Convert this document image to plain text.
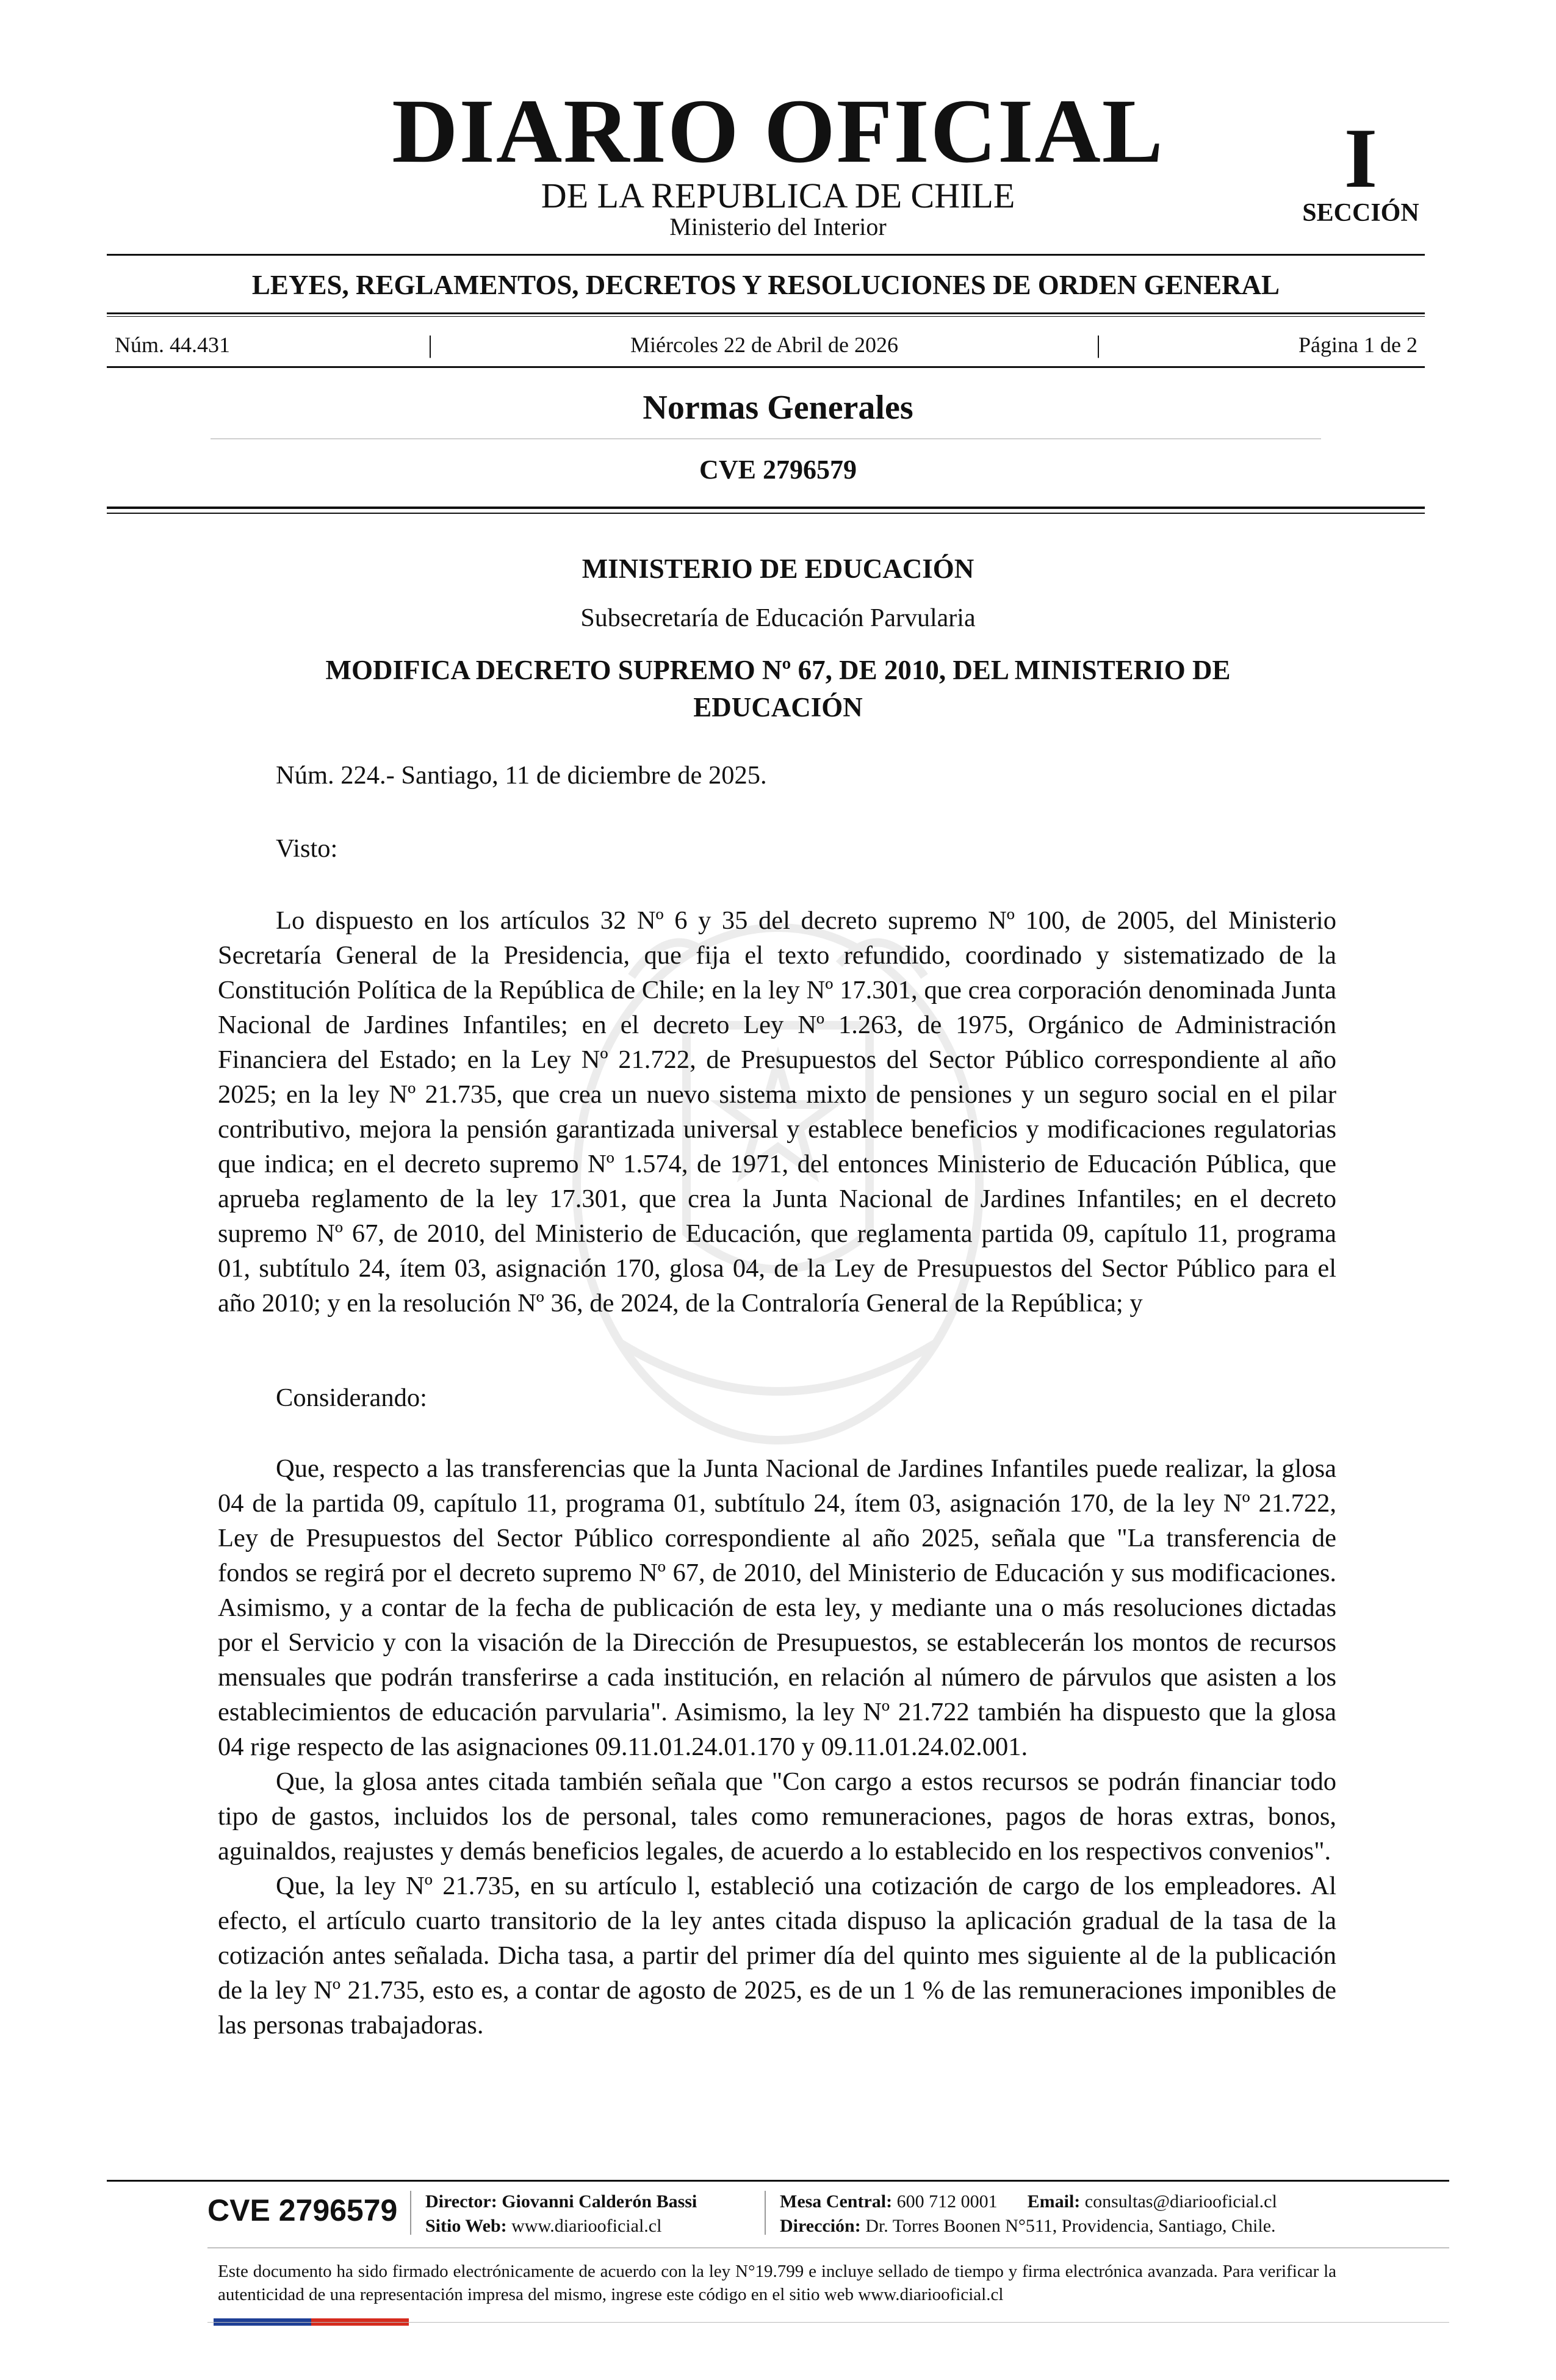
DIARIO OFICIAL
DE LA REPUBLICA DE CHILE
Ministerio del Interior
I
SECCIÓN
LEYES, REGLAMENTOS, DECRETOS Y RESOLUCIONES DE ORDEN GENERAL
Núm. 44.431	|	Miércoles 22 de Abril de 2026	|	Página 1 de 2
Normas Generales
CVE 2796579
MINISTERIO DE EDUCACIÓN
Subsecretaría de Educación Parvularia
MODIFICA DECRETO SUPREMO Nº 67, DE 2010, DEL MINISTERIO DE EDUCACIÓN
Núm. 224.- Santiago, 11 de diciembre de 2025.
Visto:

Lo dispuesto en los artículos 32 Nº 6 y 35 del decreto supremo Nº 100, de 2005, del Ministerio Secretaría General de la Presidencia, que fija el texto refundido, coordinado y sistematizado de la Constitución Política de la República de Chile; en la ley Nº 17.301, que crea corporación denominada Junta Nacional de Jardines Infantiles; en el decreto Ley Nº 1.263, de 1975, Orgánico de Administración Financiera del Estado; en la Ley Nº 21.722, de Presupuestos del Sector Público correspondiente al año 2025; en la ley Nº 21.735, que crea un nuevo sistema mixto de pensiones y un seguro social en el pilar contributivo, mejora la pensión garantizada universal y establece beneficios y modificaciones regulatorias que indica; en el decreto supremo Nº 1.574, de 1971, del entonces Ministerio de Educación Pública, que aprueba reglamento de la ley 17.301, que crea la Junta Nacional de Jardines Infantiles; en el decreto supremo Nº 67, de 2010, del Ministerio de Educación, que reglamenta partida 09, capítulo 11, programa 01, subtítulo 24, ítem 03, asignación 170, glosa 04, de la Ley de Presupuestos del Sector Público para el año 2010; y en la resolución Nº 36, de 2024, de la Contraloría General de la República; y

Considerando:

Que, respecto a las transferencias que la Junta Nacional de Jardines Infantiles puede realizar, la glosa 04 de la partida 09, capítulo 11, programa 01, subtítulo 24, ítem 03, asignación 170, de la ley Nº 21.722, Ley de Presupuestos del Sector Público correspondiente al año 2025, señala que "La transferencia de fondos se regirá por el decreto supremo Nº 67, de 2010, del Ministerio de Educación y sus modificaciones. Asimismo, y a contar de la fecha de publicación de esta ley, y mediante una o más resoluciones dictadas por el Servicio y con la visación de la Dirección de Presupuestos, se establecerán los montos de recursos mensuales que podrán transferirse a cada institución, en relación al número de párvulos que asisten a los establecimientos de educación parvularia". Asimismo, la ley Nº 21.722 también ha dispuesto que la glosa 04 rige respecto de las asignaciones 09.11.01.24.01.170 y 09.11.01.24.02.001.

Que, la glosa antes citada también señala que "Con cargo a estos recursos se podrán financiar todo tipo de gastos, incluidos los de personal, tales como remuneraciones, pagos de horas extras, bonos, aguinaldos, reajustes y demás beneficios legales, de acuerdo a lo establecido en los respectivos convenios".

Que, la ley Nº 21.735, en su artículo l, estableció una cotización de cargo de los empleadores. Al efecto, el artículo cuarto transitorio de la ley antes citada dispuso la aplicación gradual de la tasa de la cotización antes señalada. Dicha tasa, a partir del primer día del quinto mes siguiente al de la publicación de la ley Nº 21.735, esto es, a contar de agosto de 2025, es de un 1 % de las remuneraciones imponibles de las personas trabajadoras.

CVE 2796579 Director: Giovanni Calderón Bassi
Sitio Web: www.diariooficial.cl
Mesa Central: 600 712 0001 Email: consultas@diariooficial.cl
Dirección: Dr. Torres Boonen N°511, Providencia, Santiago, Chile.
Este documento ha sido firmado electrónicamente de acuerdo con la ley N°19.799 e incluye sellado de tiempo y firma electrónica avanzada. Para verificar la autenticidad de una representación impresa del mismo, ingrese este código en el sitio web www.diariooficial.cl
